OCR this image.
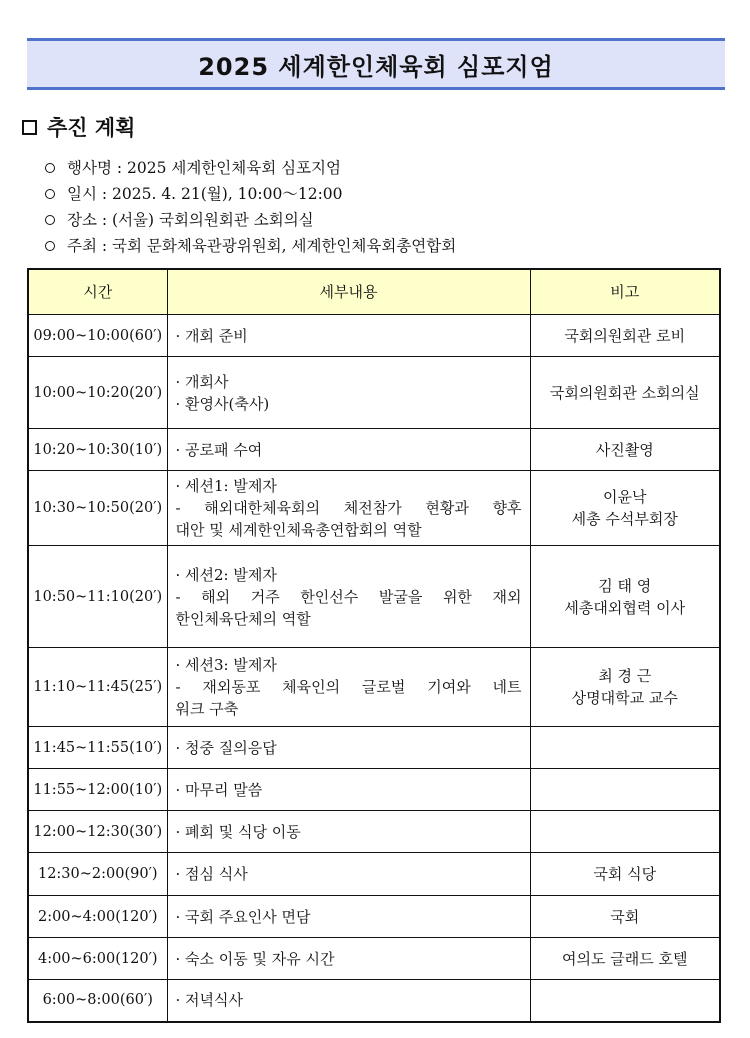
2025 세계한인체육회 심포지엄
추진 계획
행사명 : 2025 세계한인체육회 심포지엄
일시 : 2025. 4. 21(월), 10:00～12:00
장소 : (서울) 국회의원회관 소회의실
주최 : 국회 문화체육관광위원회, 세계한인체육회총연합회
시간	세부내용	비고
09:00~10:00(60′)	· 개회 준비	국회의원회관 로비

10:00~10:20(20′)	· 개회사
· 환영사(축사)	국회의원회관 소회의실

10:20~10:30(10′)	· 공로패 수여	사진촬영

10:30~10:50(20′)	· 세션1: 발제자
- 해외대한체육회의 체전참가 현황과 향후
대안 및 세계한인체육총연합회의 역할	이윤낙
세총 수석부회장

10:50~11:10(20′)	· 세션2: 발제자
- 해외 거주 한인선수 발굴을 위한 재외
한인체육단체의 역할	김 태 영
세총대외협력 이사

11:10~11:45(25′)	· 세션3: 발제자
- 재외동포 체육인의 글로벌 기여와 네트
워크 구축	최 경 근
상명대학교 교수

11:45~11:55(10′)	· 청중 질의응답	

11:55~12:00(10′)	· 마무리 말씀	

12:00~12:30(30′)	· 폐회 및 식당 이동	

12:30~2:00(90′)	· 점심 식사	국회 식당

2:00~4:00(120′)	· 국회 주요인사 면담	국회

4:00~6:00(120′)	· 숙소 이동 및 자유 시간	여의도 글래드 호텔

6:00~8:00(60′)	· 저녁식사	
